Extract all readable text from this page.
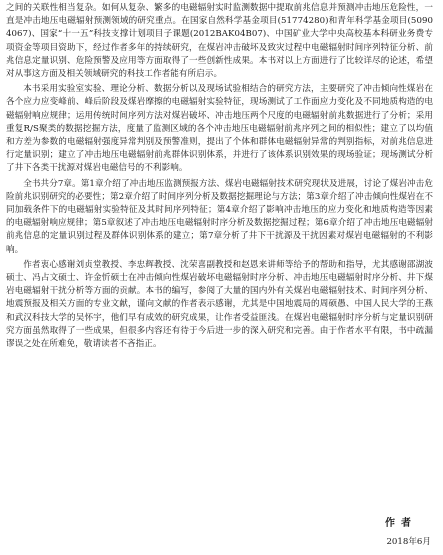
之间的关联性相当复杂。如何从复杂、繁多的电磁辐射实时监测数据中提取前兆信息并预测冲击地压危险性，一直是冲击地压电磁辐射预测领域的研究重点。在国家自然科学基金项目(51774280)和青年科学基金项目(50904067)、国家“十一五”科技支撑计划项目子课题(2012BAK04B07)、中国矿业大学中央高校基本科研业务费专项资金等项目资助下，经过作者多年的持续研究，在煤岩冲击破坏及致灾过程中电磁辐射时间序列特征分析、前兆信息定量识别、危险预警及应用等方面取得了一些创新性成果。本书对以上方面进行了比较详尽的论述，希望对从事这方面及相关领域研究的科技工作者能有所启示。

本书采用实验室实验、理论分析、数据分析以及现场试验相结合的研究方法，主要研究了冲击倾向性煤岩在各个应力应变峰前、峰后阶段及煤岩摩擦的电磁辐射实验特征，现场测试了工作面应力变化及不同地质构造的电磁辐射响应规律；运用传统时间序列方法对煤岩破坏、冲击地压两个尺度的电磁辐射前兆数据进行了分析；采用重复R/S聚类的数据挖掘方法，度量了监测区域的各个冲击地压电磁辐射前兆序列之间的相似性；建立了以均值和方差为参数的电磁辐射强度异常判别及预警准则，提出了个体和群体电磁辐射异常的判别指标，对前兆信息进行定量识别；建立了冲击地压电磁辐射前兆群体识别体系，并进行了该体系识别效果的现场验证；现场测试分析了井下各类干扰源对煤岩电磁信号的不利影响。

全书共分7章。第1章介绍了冲击地压监测预报方法、煤岩电磁辐射技术研究现状及进展，讨论了煤岩冲击危险前兆识别研究的必要性；第2章介绍了时间序列分析及数据挖掘理论与方法；第3章介绍了冲击倾向性煤岩在不同加载条件下的电磁辐射实验特征及其时间序列特征；第4章介绍了影响冲击地压的应力变化和地质构造等因素的电磁辐射响应规律；第5章叙述了冲击地压电磁辐射时序分析及数据挖掘过程；第6章介绍了冲击地压电磁辐射前兆信息的定量识别过程及群体识别体系的建立；第7章分析了井下干扰源及干扰因素对煤岩电磁辐射的不利影响。

作者衷心感谢刘贞堂教授、李忠辉教授、沈荣喜副教授和赵恩来讲师等给予的帮助和指导，尤其感谢邵湖波硕士、冯占文硕士、许金忻硕士在冲击倾向性煤岩破坏电磁辐射时序分析、冲击地压电磁辐射时序分析、井下煤岩电磁辐射干扰分析等方面的贡献。本书的编写，参阅了大量的国内外有关煤岩电磁辐射技术、时间序列分析、地震预报及相关方面的专业文献，谨向文献的作者表示感谢，尤其是中国地震局的周硕愚、中国人民大学的王燕和武汉科技大学的吴怀宇，他们早有成效的研究成果，让作者受益匪浅。在煤岩电磁辐射时序分析与定量识别研究方面虽然取得了一些成果，但很多内容还有待于今后进一步的深入研究和完善。由于作者水平有限，书中疏漏谬误之处在所难免，敬请读者不吝指正。

作者

2018年6月
